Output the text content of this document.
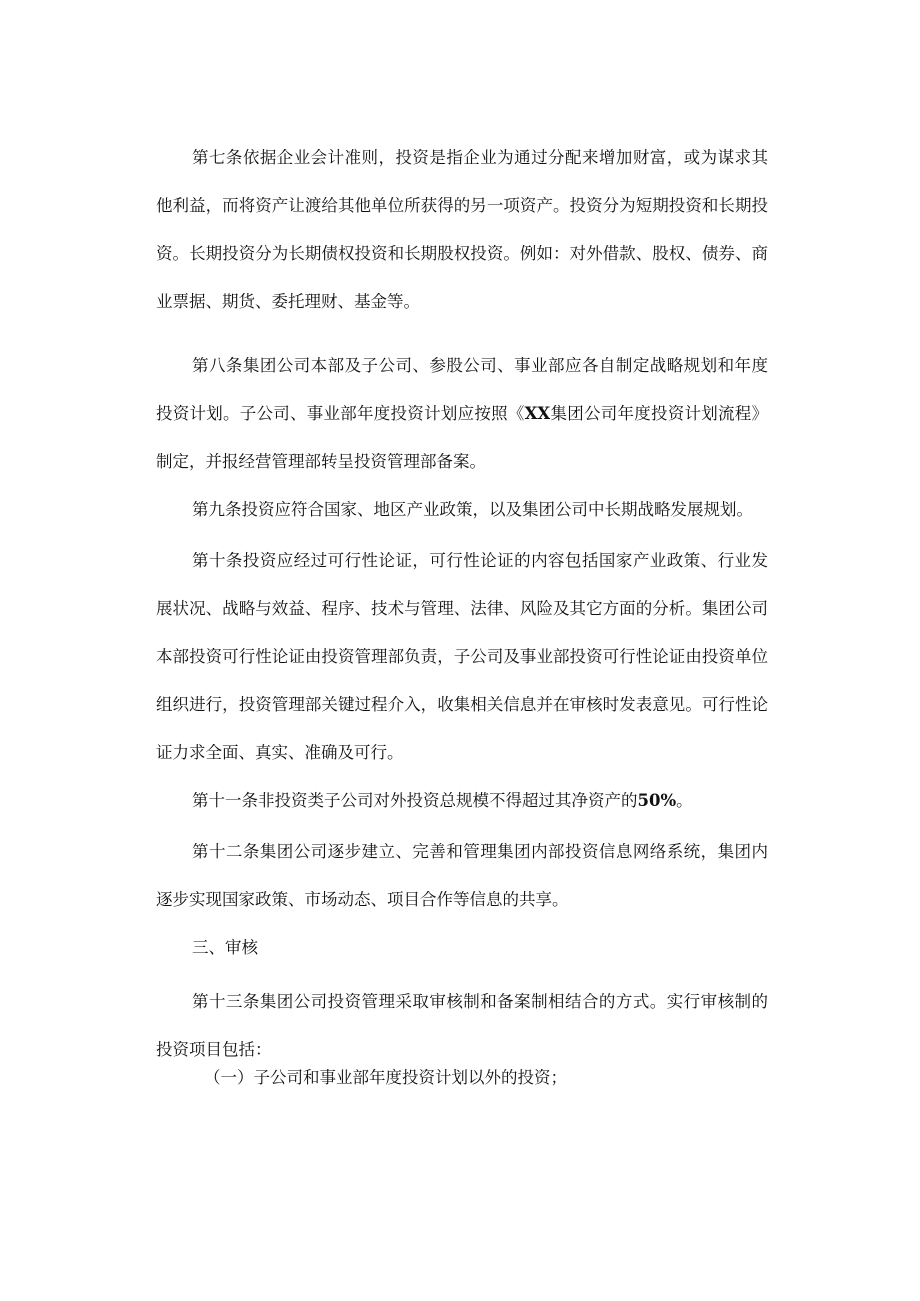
第七条依据企业会计准则，投资是指企业为通过分配来增加财富，或为谋求其他利益，而将资产让渡给其他单位所获得的另一项资产。投资分为短期投资和长期投资。长期投资分为长期债权投资和长期股权投资。例如：对外借款、股权、债券、商业票据、期货、委托理财、基金等。

第八条集团公司本部及子公司、参股公司、事业部应各自制定战略规划和年度投资计划。子公司、事业部年度投资计划应按照《XX集团公司年度投资计划流程》制定，并报经营管理部转呈投资管理部备案。

第九条投资应符合国家、地区产业政策，以及集团公司中长期战略发展规划。

第十条投资应经过可行性论证，可行性论证的内容包括国家产业政策、行业发展状况、战略与效益、程序、技术与管理、法律、风险及其它方面的分析。集团公司本部投资可行性论证由投资管理部负责，子公司及事业部投资可行性论证由投资单位组织进行，投资管理部关键过程介入，收集相关信息并在审核时发表意见。可行性论证力求全面、真实、准确及可行。

第十一条非投资类子公司对外投资总规模不得超过其净资产的50%。

第十二条集团公司逐步建立、完善和管理集团内部投资信息网络系统，集团内逐步实现国家政策、市场动态、项目合作等信息的共享。

三、审核

第十三条集团公司投资管理采取审核制和备案制相结合的方式。实行审核制的投资项目包括：

（一）子公司和事业部年度投资计划以外的投资；
